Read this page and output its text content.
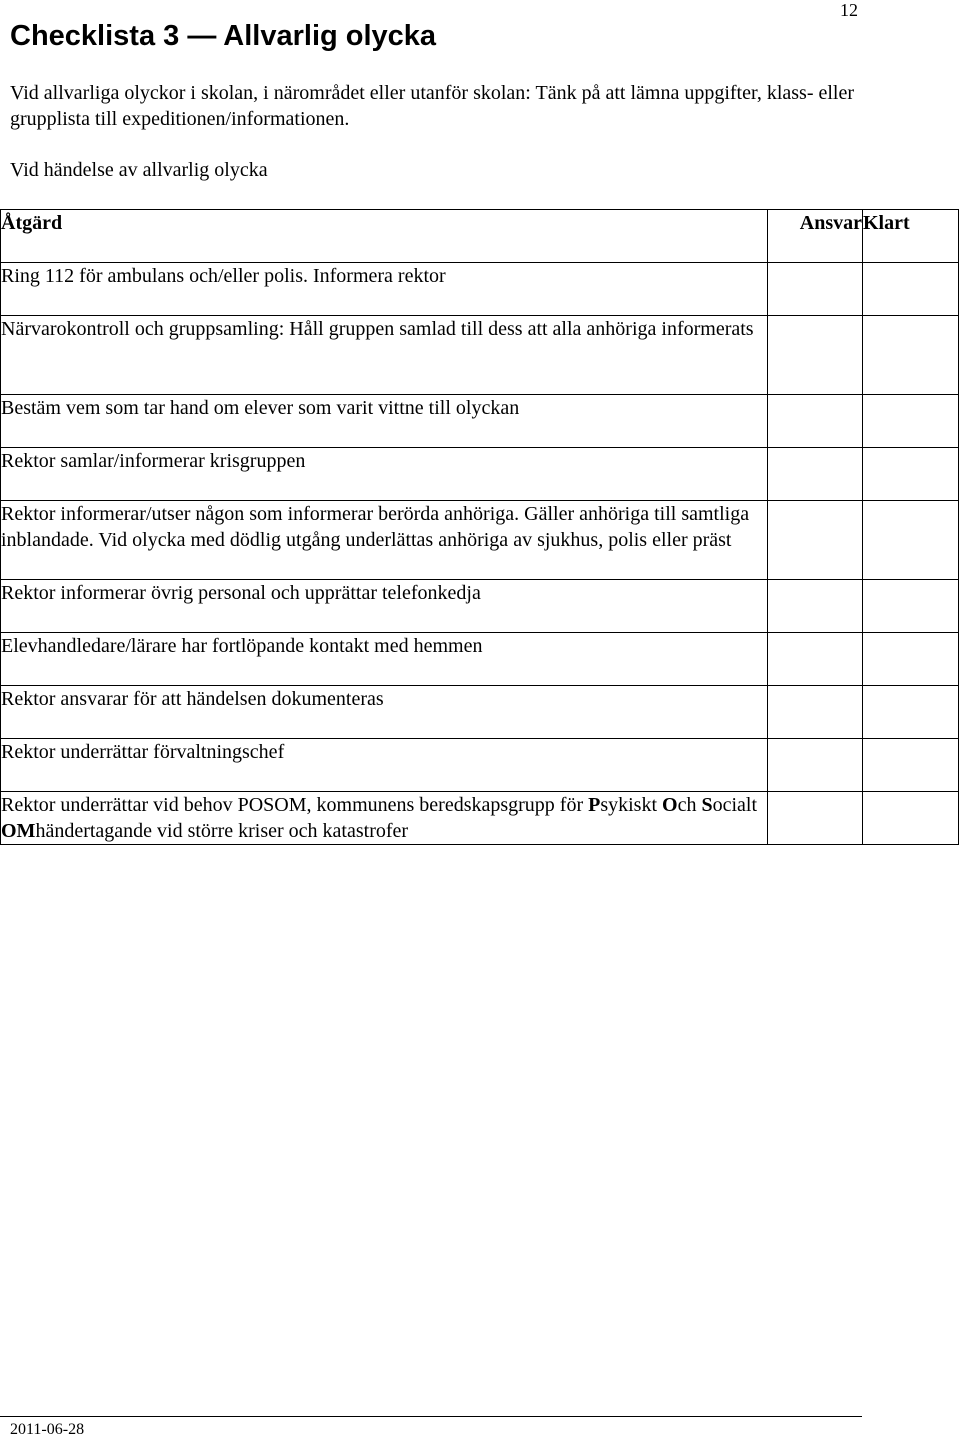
12
Checklista 3 — Allvarlig olycka
Vid allvarliga olyckor i skolan, i närområdet eller utanför skolan: Tänk på att lämna uppgifter, klass- eller grupplista till expeditionen/informationen.
Vid händelse av allvarlig olycka
Åtgärd	Ansvar	Klart

Ring 112 för ambulans och/eller polis. Informera rektor		

Närvarokontroll och gruppsamling: Håll gruppen samlad till dess att alla anhöriga informerats		

Bestäm vem som tar hand om elever som varit vittne till olyckan		

Rektor samlar/informerar krisgruppen		

Rektor informerar/utser någon som informerar berörda anhöriga. Gäller anhöriga till samtliga inblandade. Vid olycka med dödlig utgång underlättas anhöriga av sjukhus, polis eller präst		

Rektor informerar övrig personal och upprättar telefonkedja		

Elevhandledare/lärare har fortlöpande kontakt med hemmen		

Rektor ansvarar för att händelsen dokumenteras		

Rektor underrättar förvaltningschef		

Rektor underrättar vid behov POSOM, kommunens beredskapsgrupp för Psykiskt Och Socialt OMhändertagande vid större kriser och katastrofer		

2011-06-28
